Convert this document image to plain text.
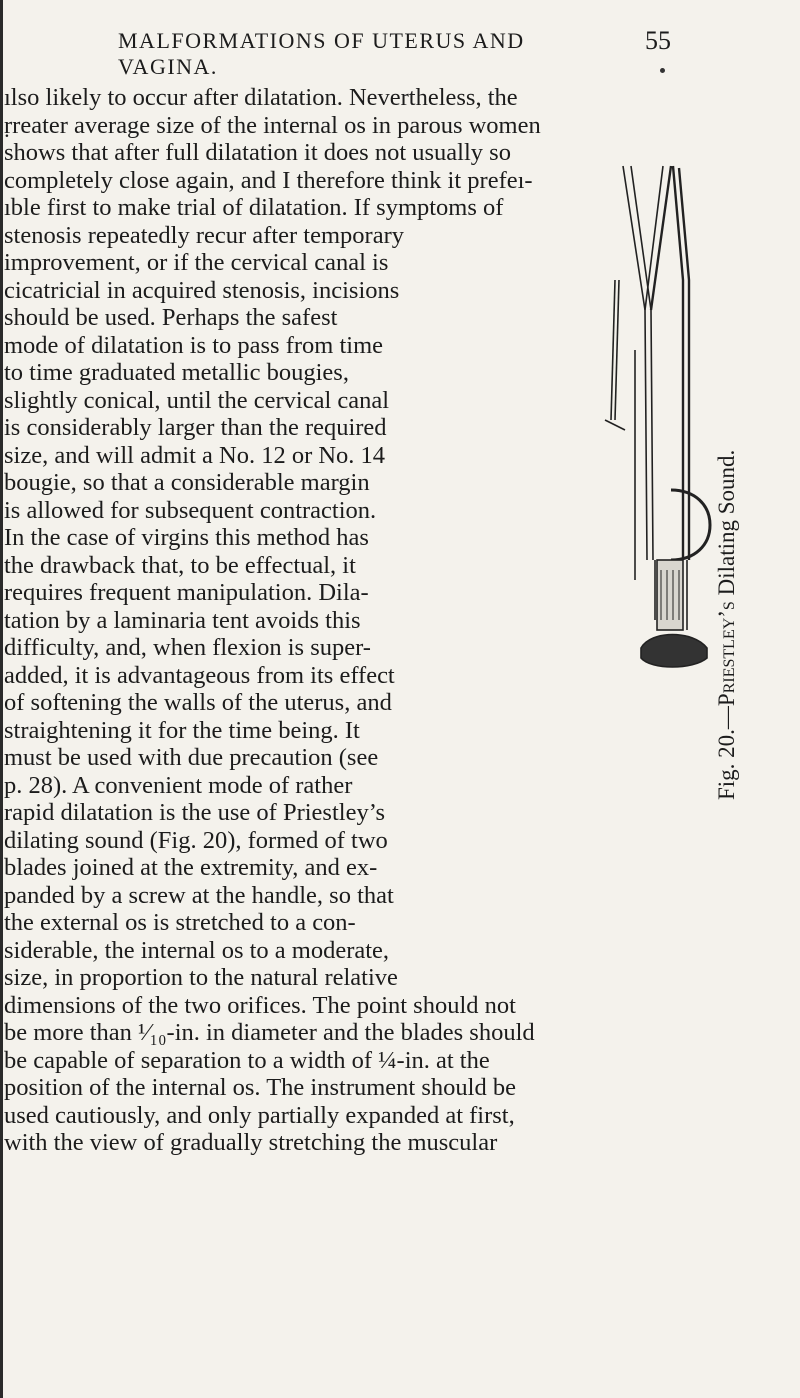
MALFORMATIONS OF UTERUS AND VAGINA.
55
ılso likely to occur after dilatation. Nevertheless, the
ṛreater average size of the internal os in parous women
shows that after full dilatation it does not usually so
completely close again, and I therefore think it prefeı-
ıble first to make trial of dilatation. If symptoms of
stenosis repeatedly recur after temporary
improvement, or if the cervical canal is
cicatricial in acquired stenosis, incisions
should be used. Perhaps the safest
mode of dilatation is to pass from time
to time graduated metallic bougies,
slightly conical, until the cervical canal
is considerably larger than the required
size, and will admit a No. 12 or No. 14
bougie, so that a considerable margin
is allowed for subsequent contraction.
In the case of virgins this method has
the drawback that, to be effectual, it
requires frequent manipulation. Dila-
tation by a laminaria tent avoids this
difficulty, and, when flexion is super-
added, it is advantageous from its effect
of softening the walls of the uterus, and
straightening it for the time being. It
must be used with due precaution (see
p. 28). A convenient mode of rather
rapid dilatation is the use of Priestley’s
dilating sound (Fig. 20), formed of two
blades joined at the extremity, and ex-
panded by a screw at the handle, so that
the external os is stretched to a con-
siderable, the internal os to a moderate,
size, in proportion to the natural relative
dimensions of the two orifices. The point should not
be more than ¹⁄₁₀-in. in diameter and the blades should
be capable of separation to a width of ¼-in. at the
position of the internal os. The instrument should be
used cautiously, and only partially expanded at first,
with the view of gradually stretching the muscular
Fig. 20.—Priestley’s Dilating Sound.
